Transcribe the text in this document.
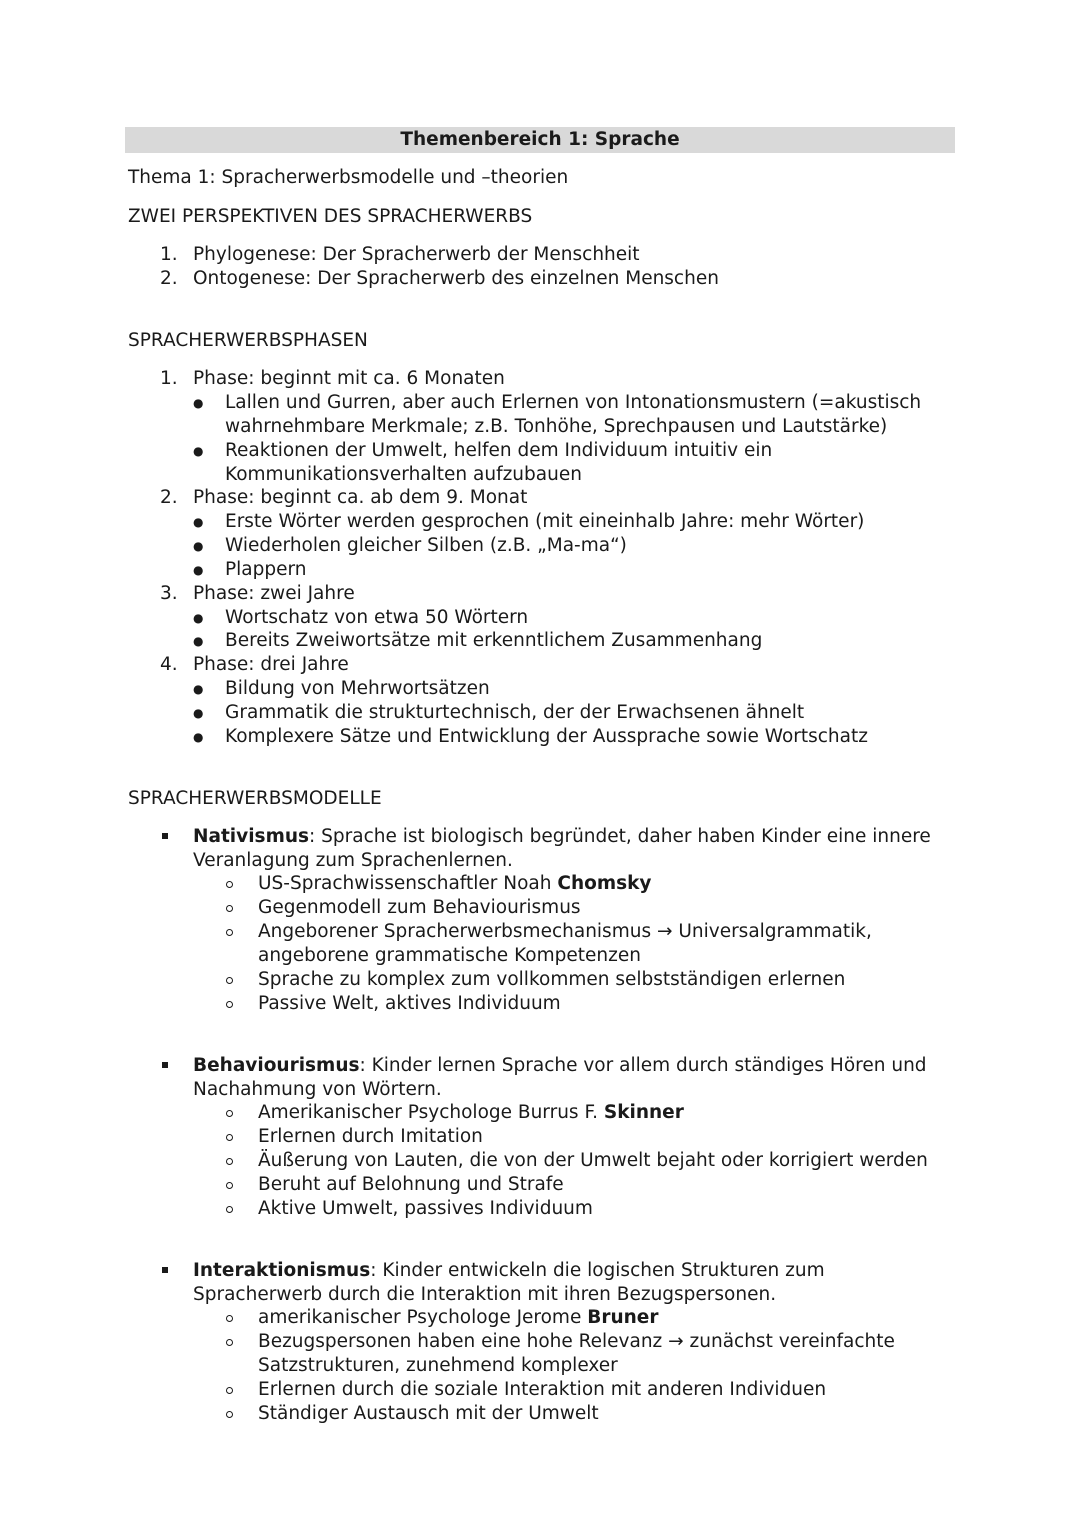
Themenbereich 1: Sprache
Thema 1: Spracherwerbsmodelle und –theorien
ZWEI PERSPEKTIVEN DES SPRACHERWERBS
1. Phylogenese: Der Spracherwerb der Menschheit
2. Ontogenese: Der Spracherwerb des einzelnen Menschen
SPRACHERWERBSPHASEN
1. Phase: beginnt mit ca. 6 Monaten
● Lallen und Gurren, aber auch Erlernen von Intonationsmustern (=akustisch
wahrnehmbare Merkmale; z.B. Tonhöhe, Sprechpausen und Lautstärke)
● Reaktionen der Umwelt, helfen dem Individuum intuitiv ein
Kommunikationsverhalten aufzubauen
2. Phase: beginnt ca. ab dem 9. Monat
● Erste Wörter werden gesprochen (mit eineinhalb Jahre: mehr Wörter)
● Wiederholen gleicher Silben (z.B. „Ma-ma“)
● Plappern
3. Phase: zwei Jahre
● Wortschatz von etwa 50 Wörtern
● Bereits Zweiwortsätze mit erkenntlichem Zusammenhang
4. Phase: drei Jahre
● Bildung von Mehrwortsätzen
● Grammatik die strukturtechnisch, der der Erwachsenen ähnelt
● Komplexere Sätze und Entwicklung der Aussprache sowie Wortschatz
SPRACHERWERBSMODELLE
Nativismus: Sprache ist biologisch begründet, daher haben Kinder eine innere
Veranlagung zum Sprachenlernen.
US-Sprachwissenschaftler Noah Chomsky
Gegenmodell zum Behaviourismus
Angeborener Spracherwerbsmechanismus → Universalgrammatik,
angeborene grammatische Kompetenzen
Sprache zu komplex zum vollkommen selbstständigen erlernen
Passive Welt, aktives Individuum
Behaviourismus: Kinder lernen Sprache vor allem durch ständiges Hören und
Nachahmung von Wörtern.
Amerikanischer Psychologe Burrus F. Skinner
Erlernen durch Imitation
Äußerung von Lauten, die von der Umwelt bejaht oder korrigiert werden
Beruht auf Belohnung und Strafe
Aktive Umwelt, passives Individuum
Interaktionismus: Kinder entwickeln die logischen Strukturen zum
Spracherwerb durch die Interaktion mit ihren Bezugspersonen.
amerikanischer Psychologe Jerome Bruner
Bezugspersonen haben eine hohe Relevanz → zunächst vereinfachte
Satzstrukturen, zunehmend komplexer
Erlernen durch die soziale Interaktion mit anderen Individuen
Ständiger Austausch mit der Umwelt
